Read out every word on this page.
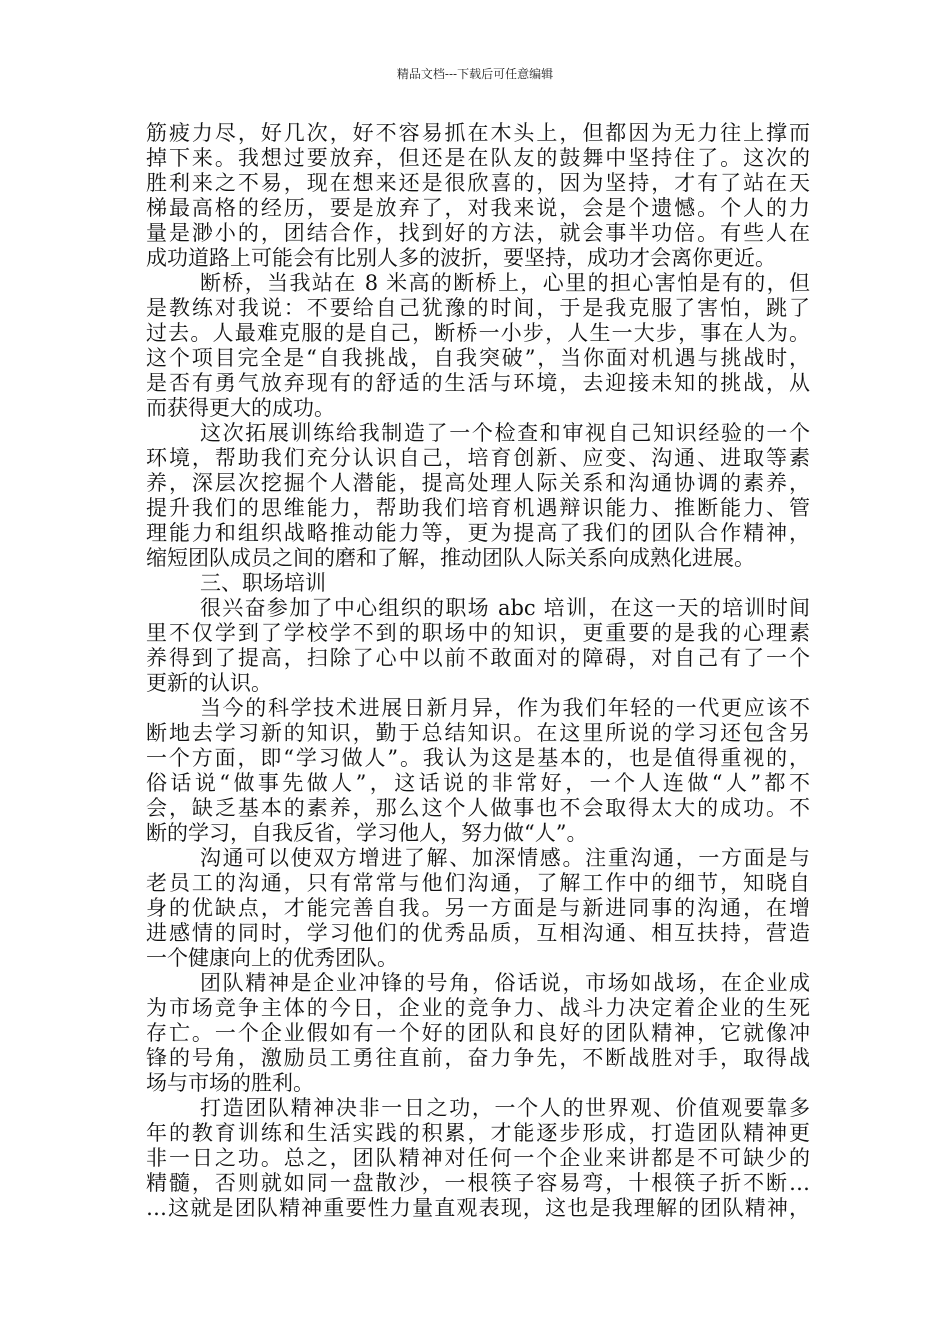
精品文档---下载后可任意编辑
筋疲力尽，好几次，好不容易抓在木头上，但都因为无力往上撑而
掉下来。我想过要放弃，但还是在队友的鼓舞中坚持住了。这次的
胜利来之不易，现在想来还是很欣喜的，因为坚持，才有了站在天
梯最高格的经历，要是放弃了，对我来说，会是个遗憾。个人的力
量是渺小的，团结合作，找到好的方法，就会事半功倍。有些人在
成功道路上可能会有比别人多的波折，要坚持，成功才会离你更近。
断桥，当我站在 8 米高的断桥上，心里的担心害怕是有的，但
是教练对我说：不要给自己犹豫的时间，于是我克服了害怕，跳了
过去。人最难克服的是自己，断桥一小步，人生一大步，事在人为。
这个项目完全是“自我挑战，自我突破”，当你面对机遇与挑战时，
是否有勇气放弃现有的舒适的生活与环境，去迎接未知的挑战，从
而获得更大的成功。
这次拓展训练给我制造了一个检查和审视自己知识经验的一个
环境，帮助我们充分认识自己，培育创新、应变、沟通、进取等素
养，深层次挖掘个人潜能，提高处理人际关系和沟通协调的素养，
提升我们的思维能力，帮助我们培育机遇辩识能力、推断能力、管
理能力和组织战略推动能力等，更为提高了我们的团队合作精神，
缩短团队成员之间的磨和了解，推动团队人际关系向成熟化进展。
三、职场培训
很兴奋参加了中心组织的职场 abc 培训，在这一天的培训时间
里不仅学到了学校学不到的职场中的知识，更重要的是我的心理素
养得到了提高，扫除了心中以前不敢面对的障碍，对自己有了一个
更新的认识。
当今的科学技术进展日新月异，作为我们年轻的一代更应该不
断地去学习新的知识，勤于总结知识。在这里所说的学习还包含另
一个方面，即“学习做人”。我认为这是基本的，也是值得重视的，
俗话说“做事先做人”，这话说的非常好，一个人连做“人”都不
会，缺乏基本的素养，那么这个人做事也不会取得太大的成功。不
断的学习，自我反省，学习他人，努力做“人”。
沟通可以使双方增进了解、加深情感。注重沟通，一方面是与
老员工的沟通，只有常常与他们沟通，了解工作中的细节，知晓自
身的优缺点，才能完善自我。另一方面是与新进同事的沟通，在增
进感情的同时，学习他们的优秀品质，互相沟通、相互扶持，营造
一个健康向上的优秀团队。
团队精神是企业冲锋的号角，俗话说，市场如战场，在企业成
为市场竞争主体的今日，企业的竞争力、战斗力决定着企业的生死
存亡。一个企业假如有一个好的团队和良好的团队精神，它就像冲
锋的号角，激励员工勇往直前，奋力争先，不断战胜对手，取得战
场与市场的胜利。
打造团队精神决非一日之功，一个人的世界观、价值观要靠多
年的教育训练和生活实践的积累，才能逐步形成，打造团队精神更
非一日之功。总之，团队精神对任何一个企业来讲都是不可缺少的
精髓，否则就如同一盘散沙，一根筷子容易弯，十根筷子折不断…
…这就是团队精神重要性力量直观表现，这也是我理解的团队精神，
